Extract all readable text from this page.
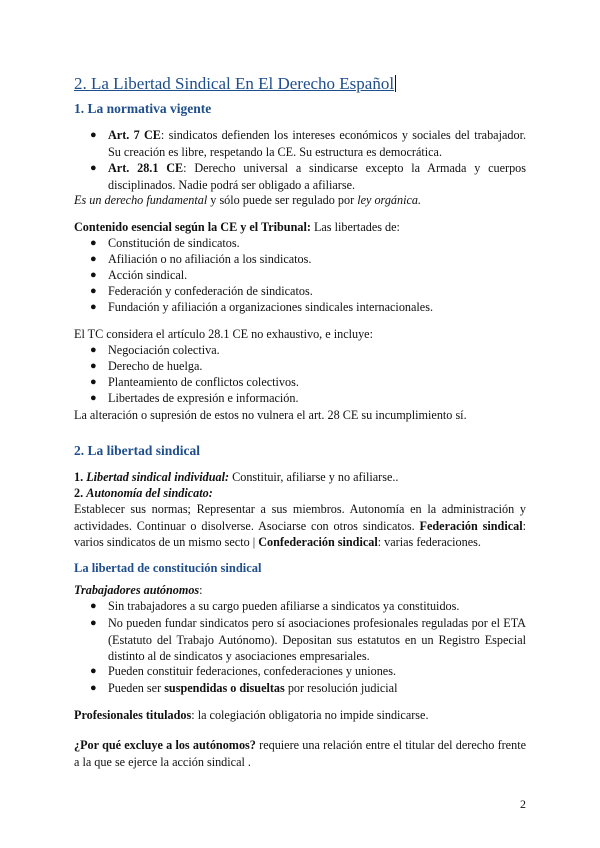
2. La Libertad Sindical En El Derecho Español
1. La normativa vigente
● Art. 7 CE: sindicatos defienden los intereses económicos y sociales del trabajador. Su creación es libre, respetando la CE. Su estructura es democrática.
● Art. 28.1 CE: Derecho universal a sindicarse excepto la Armada y cuerpos disciplinados. Nadie podrá ser obligado a afiliarse.
Es un derecho fundamental y sólo puede ser regulado por ley orgánica.
Contenido esencial según la CE y el Tribunal: Las libertades de:
● Constitución de sindicatos.
● Afiliación o no afiliación a los sindicatos.
● Acción sindical.
● Federación y confederación de sindicatos.
● Fundación y afiliación a organizaciones sindicales internacionales.
El TC considera el artículo 28.1 CE no exhaustivo, e incluye:
● Negociación colectiva.
● Derecho de huelga.
● Planteamiento de conflictos colectivos.
● Libertades de expresión e información.
La alteración o supresión de estos no vulnera el art. 28 CE su incumplimiento sí.
2. La libertad sindical
1. Libertad sindical individual: Constituir, afiliarse y no afiliarse..
2. Autonomía del sindicato:
Establecer sus normas; Representar a sus miembros. Autonomía en la administración y actividades. Continuar o disolverse. Asociarse con otros sindicatos. Federación sindical: varios sindicatos de un mismo secto | Confederación sindical: varias federaciones.
La libertad de constitución sindical
Trabajadores autónomos:
● Sin trabajadores a su cargo pueden afiliarse a sindicatos ya constituidos.
● No pueden fundar sindicatos pero sí asociaciones profesionales reguladas por el ETA (Estatuto del Trabajo Autónomo). Depositan sus estatutos en un Registro Especial distinto al de sindicatos y asociaciones empresariales.
● Pueden constituir federaciones, confederaciones y uniones.
● Pueden ser suspendidas o disueltas por resolución judicial
Profesionales titulados: la colegiación obligatoria no impide sindicarse.
¿Por qué excluye a los autónomos? requiere una relación entre el titular del derecho frente a la que se ejerce la acción sindical .
2
